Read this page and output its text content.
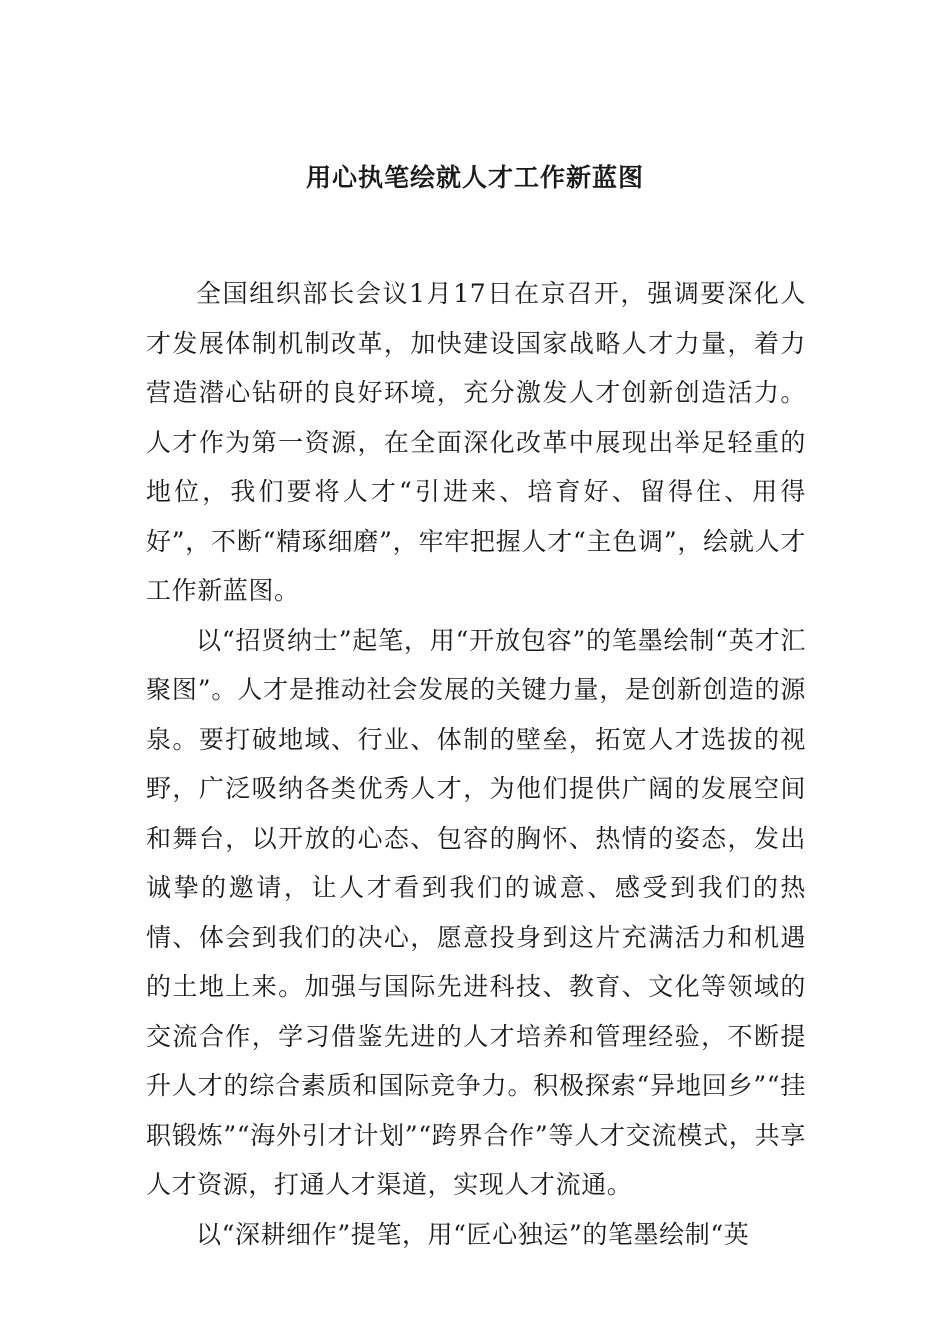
用心执笔绘就人才工作新蓝图

全国组织部长会议1月17日在京召开，强调要深化人才发展体制机制改革，加快建设国家战略人才力量，着力营造潜心钻研的良好环境，充分激发人才创新创造活力。人才作为第一资源，在全面深化改革中展现出举足轻重的地位，我们要将人才“引进来、培育好、留得住、用得好”，不断“精琢细磨”，牢牢把握人才“主色调”，绘就人才工作新蓝图。

以“招贤纳士”起笔，用“开放包容”的笔墨绘制“英才汇聚图”。人才是推动社会发展的关键力量，是创新创造的源泉。要打破地域、行业、体制的壁垒，拓宽人才选拔的视野，广泛吸纳各类优秀人才，为他们提供广阔的发展空间和舞台，以开放的心态、包容的胸怀、热情的姿态，发出诚挚的邀请，让人才看到我们的诚意、感受到我们的热情、体会到我们的决心，愿意投身到这片充满活力和机遇的土地上来。加强与国际先进科技、教育、文化等领域的交流合作，学习借鉴先进的人才培养和管理经验，不断提升人才的综合素质和国际竞争力。积极探索“异地回乡”“挂职锻炼”“海外引才计划”“跨界合作”等人才交流模式，共享人才资源，打通人才渠道，实现人才流通。

以“深耕细作”提笔，用“匠心独运”的笔墨绘制“英
